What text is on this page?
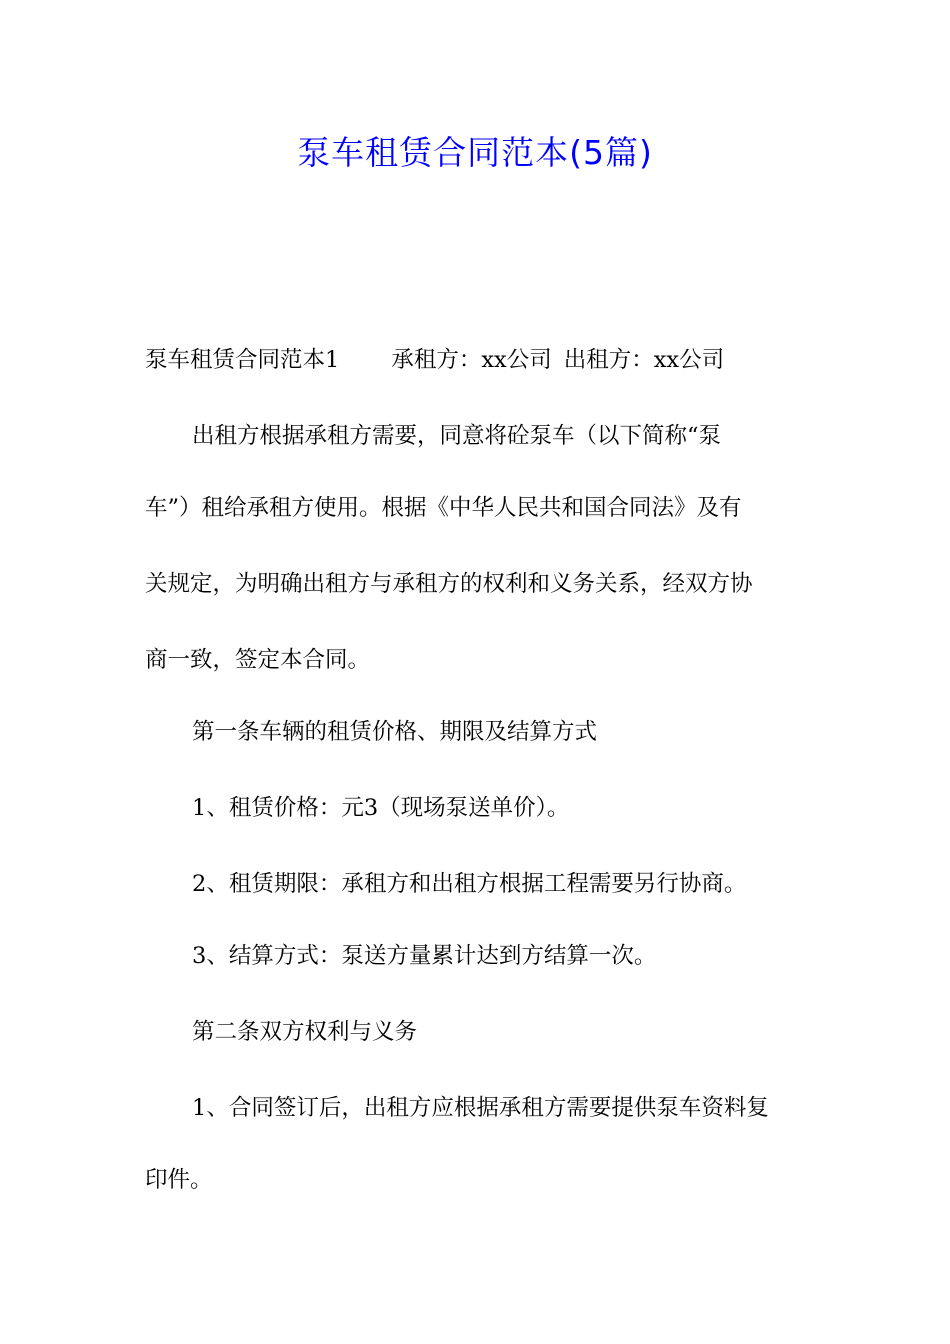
泵车租赁合同范本(5篇)

泵车租赁合同范本1 承租方：xx公司 出租方：xx公司

出租方根据承租方需要，同意将砼泵车（以下简称“泵

车”）租给承租方使用。根据《中华人民共和国合同法》及有

关规定，为明确出租方与承租方的权利和义务关系，经双方协

商一致，签定本合同。

第一条车辆的租赁价格、期限及结算方式

1、租赁价格：元3（现场泵送单价）。

2、租赁期限：承租方和出租方根据工程需要另行协商。

3、结算方式：泵送方量累计达到方结算一次。

第二条双方权利与义务

1、合同签订后，出租方应根据承租方需要提供泵车资料复

印件。
